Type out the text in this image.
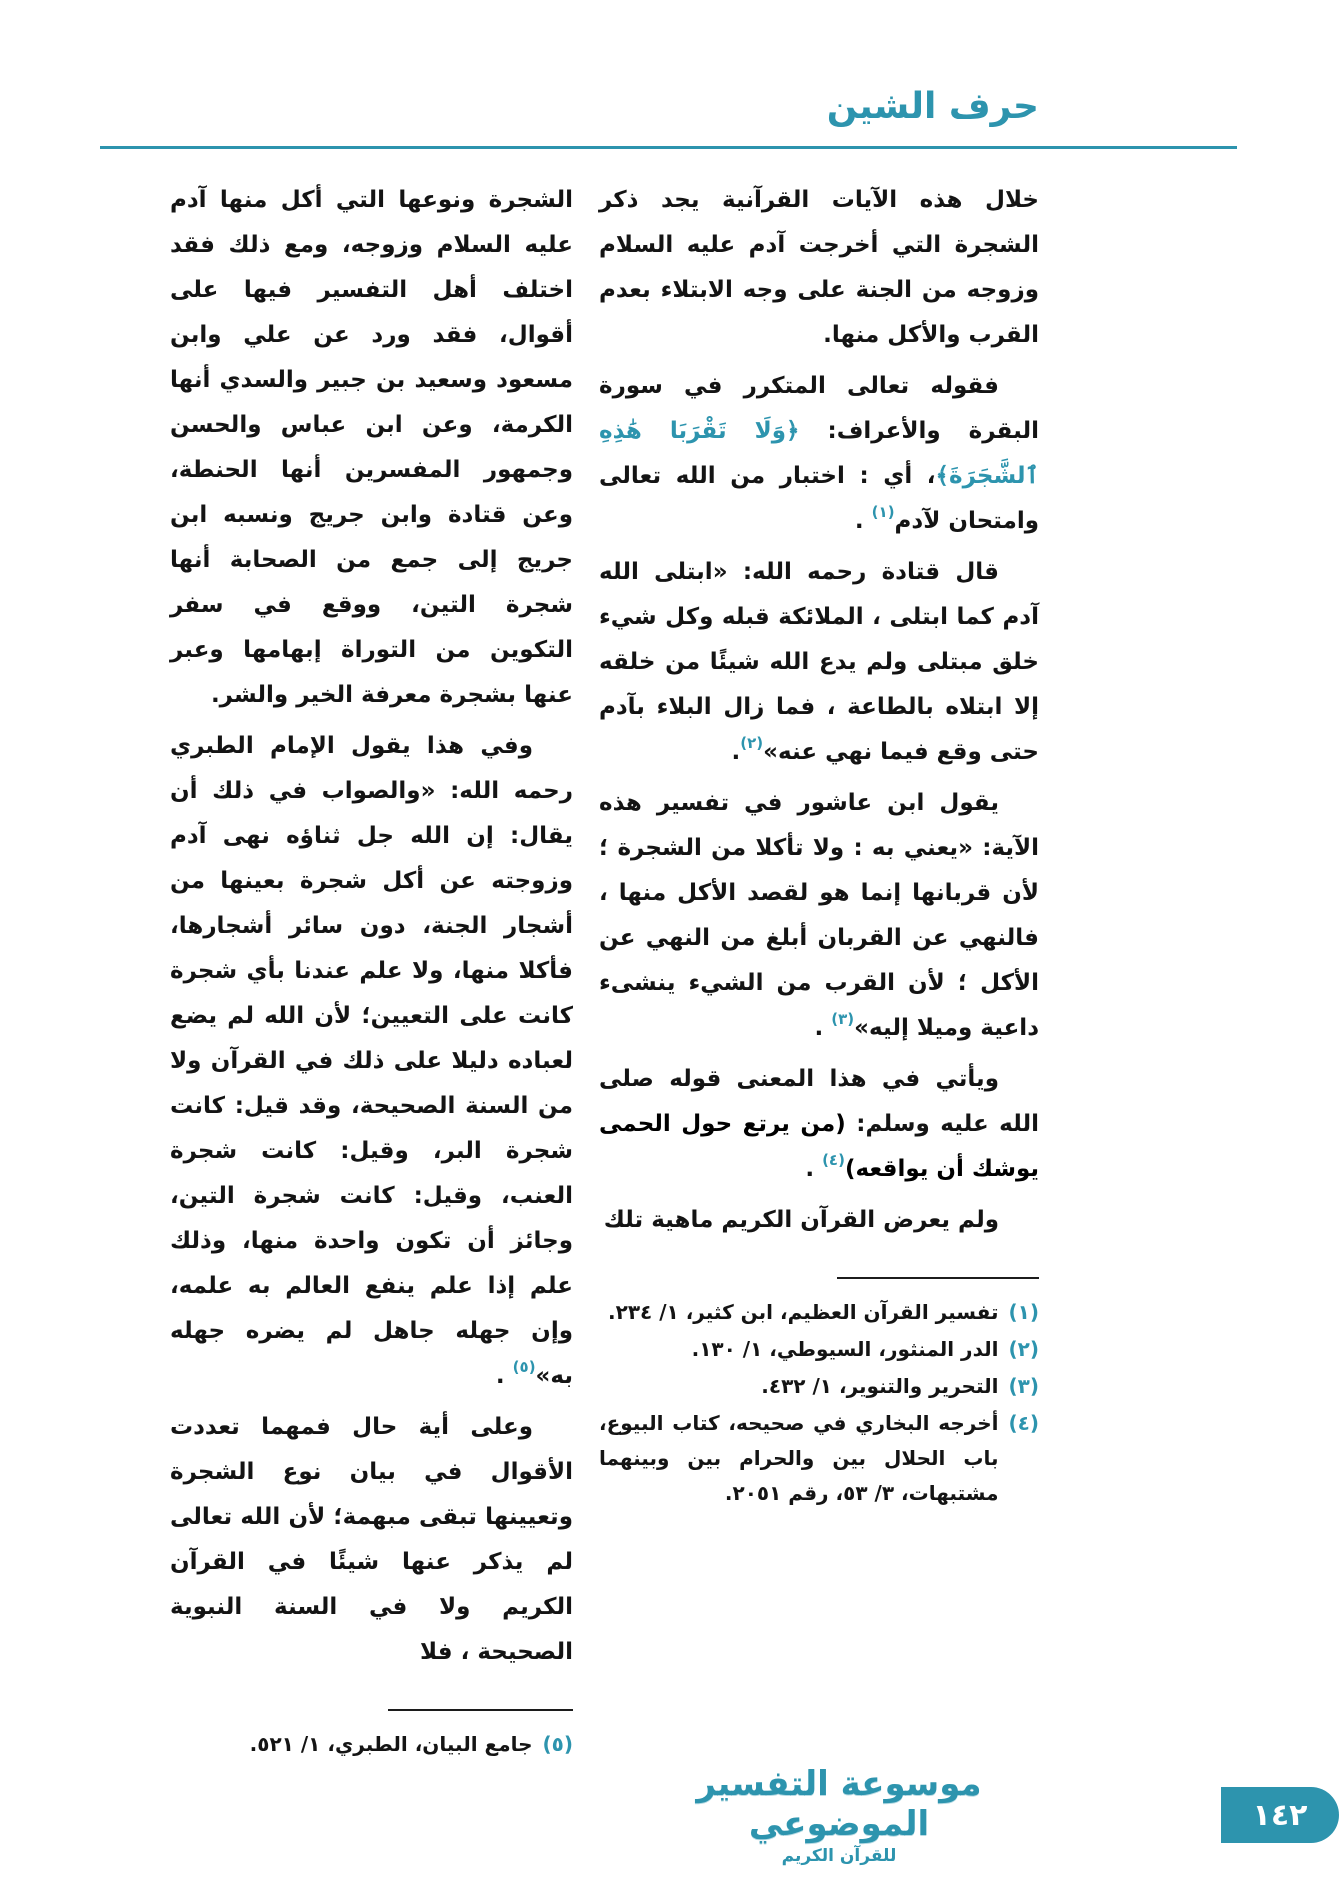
حرف الشين

خلال هذه الآيات القرآنية يجد ذكر الشجرة التي أخرجت آدم عليه السلام وزوجه من الجنة على وجه الابتلاء بعدم القرب والأكل منها.

فقوله تعالى المتكرر في سورة البقرة والأعراف: ﴿وَلَا تَقْرَبَا هَٰذِهِ ٱلشَّجَرَةَ﴾، أي : اختبار من الله تعالى وامتحان لآدم$^{(١)}$ .

قال قتادة رحمه الله: «ابتلى الله آدم كما ابتلى ، الملائكة قبله وكل شيء خلق مبتلى ولم يدع الله شيئًا من خلقه إلا ابتلاه بالطاعة ، فما زال البلاء بآدم حتى وقع فيما نهي عنه»$^{(٢)}$.

يقول ابن عاشور في تفسير هذه الآية: «يعني به : ولا تأكلا من الشجرة ؛ لأن قربانها إنما هو لقصد الأكل منها ، فالنهي عن القربان أبلغ من النهي عن الأكل ؛ لأن القرب من الشيء ينشىء داعية وميلا إليه»$^{(٣)}$ .

ويأتي في هذا المعنى قوله صلى الله عليه وسلم: (من يرتع حول الحمى يوشك أن يواقعه)$^{(٤)}$ .

ولم يعرض القرآن الكريم ماهية تلك

(١)
تفسير القرآن العظيم، ابن كثير، ١/ ٢٣٤.
(٢)
الدر المنثور، السيوطي، ١/ ١٣٠.
(٣)
التحرير والتنوير، ١/ ٤٣٢.
(٤)
أخرجه البخاري في صحيحه، كتاب البيوع، باب الحلال بين والحرام بين وبينهما مشتبهات، ٣/ ٥٣، رقم ٢٠٥١.

الشجرة ونوعها التي أكل منها آدم عليه السلام وزوجه، ومع ذلك فقد اختلف أهل التفسير فيها على أقوال، فقد ورد عن علي وابن مسعود وسعيد بن جبير والسدي أنها الكرمة، وعن ابن عباس والحسن وجمهور المفسرين أنها الحنطة، وعن قتادة وابن جريج ونسبه ابن جريج إلى جمع من الصحابة أنها شجرة التين، ووقع في سفر التكوين من التوراة إبهامها وعبر عنها بشجرة معرفة الخير والشر.

وفي هذا يقول الإمام الطبري رحمه الله: «والصواب في ذلك أن يقال: إن الله جل ثناؤه نهى آدم وزوجته عن أكل شجرة بعينها من أشجار الجنة، دون سائر أشجارها، فأكلا منها، ولا علم عندنا بأي شجرة كانت على التعيين؛ لأن الله لم يضع لعباده دليلا على ذلك في القرآن ولا من السنة الصحيحة، وقد قيل: كانت شجرة البر، وقيل: كانت شجرة العنب، وقيل: كانت شجرة التين، وجائز أن تكون واحدة منها، وذلك علم إذا علم ينفع العالم به علمه، وإن جهله جاهل لم يضره جهله به»$^{(٥)}$ .

وعلى أية حال فمهما تعددت الأقوال في بيان نوع الشجرة وتعيينها تبقى مبهمة؛ لأن الله تعالى لم يذكر عنها شيئًا في القرآن الكريم ولا في السنة النبوية الصحيحة ، فلا

(٥)
جامع البيان، الطبري، ١/ ٥٢١.
موسوعة التفسير الموضوعي
للقرآن الكريم
١٤٢
